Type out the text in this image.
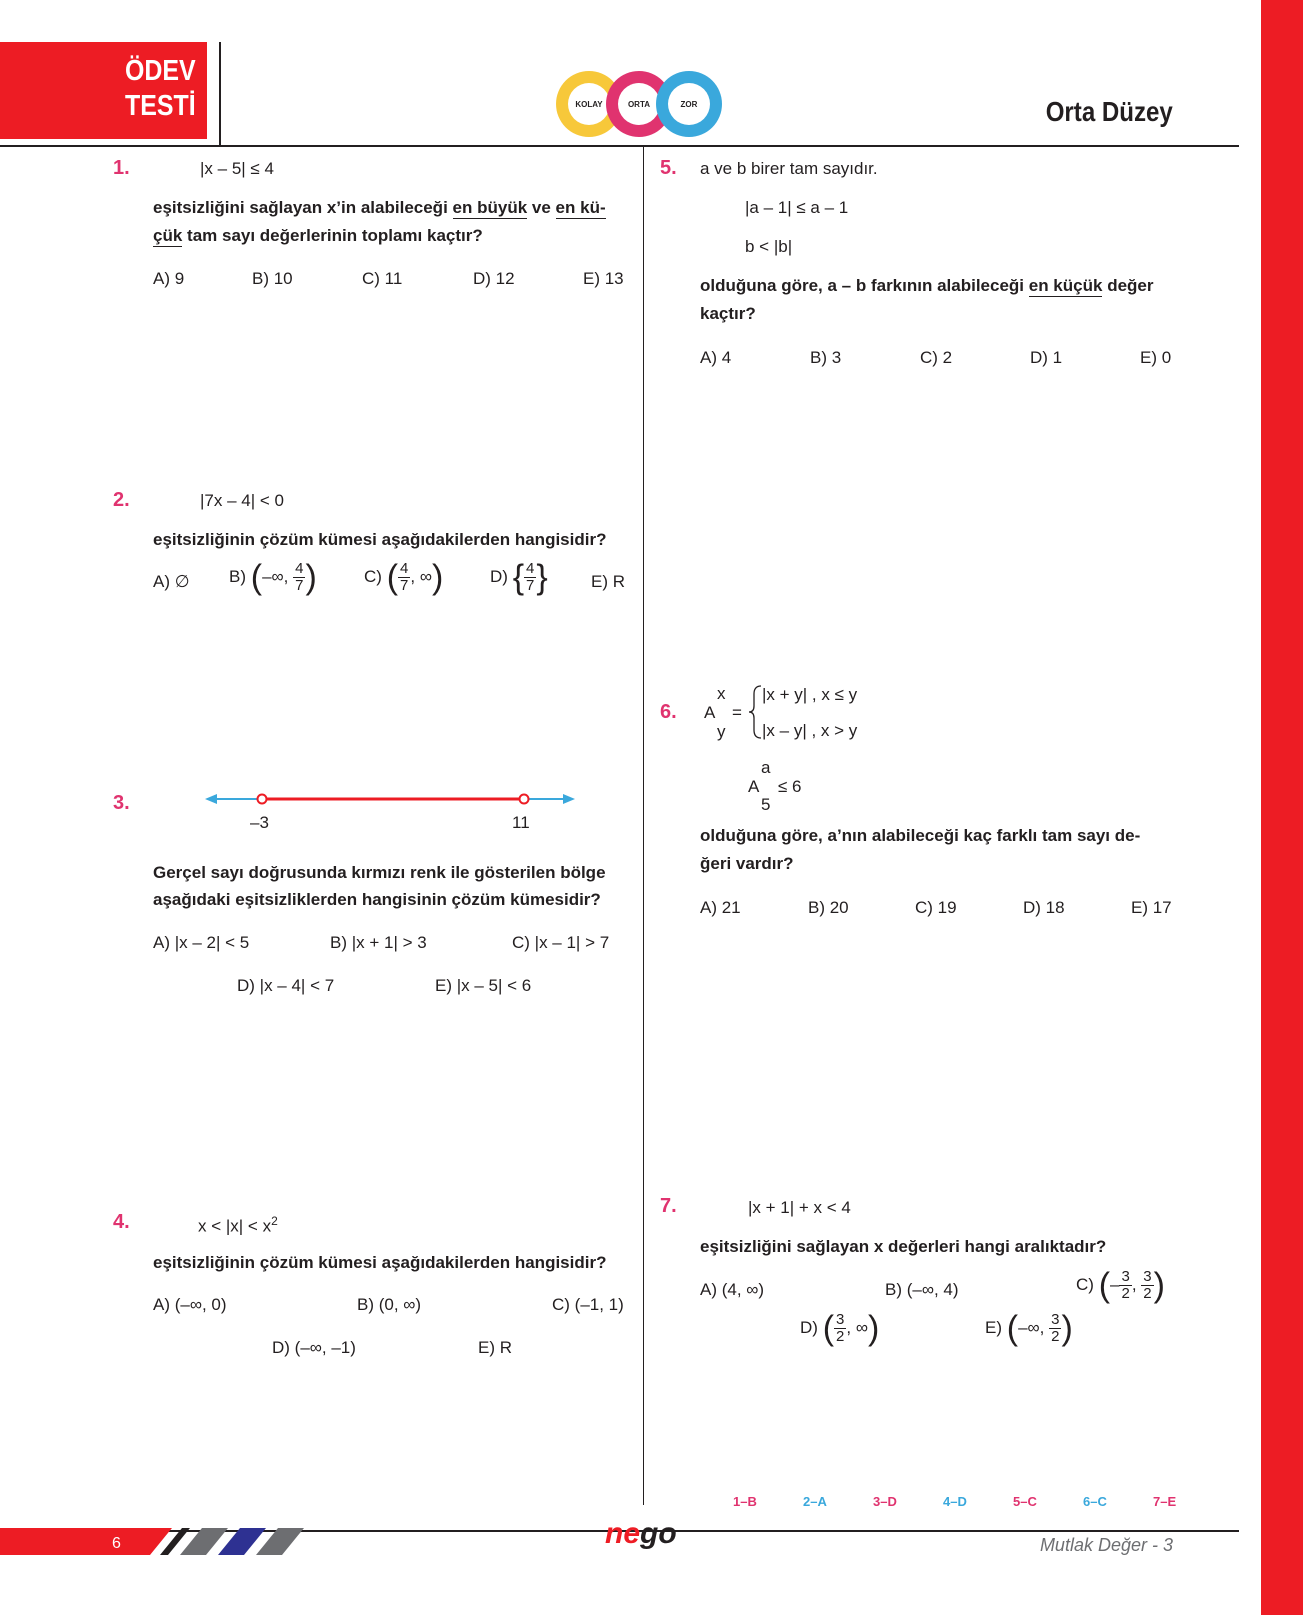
ÖDEV
TESTİ	KOLAY	ORTA	ZOR	Orta Düzey
1.	|x – 5| ≤ 4
eşitsizliğini sağlayan x’in alabileceği en büyük ve en kü-
çük tam sayı değerlerinin toplamı kaçtır?
A) 9	B) 10	C) 11	D) 12	E) 13
2.	|7x – 4| < 0
eşitsizliğinin çözüm kümesi aşağıdakilerden hangisidir?
A) ∅ B) (–∞, $\frac{4}{7}$ )	C) ( $\frac{4}{7}$ , ∞)	D) { $\frac{4}{7}$ }	E) R
3.
–3	11
Gerçel sayı doğrusunda kırmızı renk ile gösterilen bölge
aşağıdaki eşitsizliklerden hangisinin çözüm kümesidir?
A) |x – 2| < 5	B) |x + 1| > 3	C) |x – 1| > 7
D) |x – 4| < 7	E) |x – 5| < 6
4.	$x < |x| < x^2$
eşitsizliğinin çözüm kümesi aşağıdakilerden hangisidir?
A) (–∞, 0)	B) (0, ∞)	C) (–1, 1)
D) (–∞, –1)	E) R
5. a ve b birer tam sayıdır.
|a – 1| ≤ a – 1
b < |b|
olduğuna göre, a – b farkının alabileceği en küçük değer
kaçtır?
A) 4	B) 3	C) 2	D) 1	E) 0
6.
x
A
y
=
|x + y| , x ≤ y
|x – y| , x > y
a
A
5
≤ 6
olduğuna göre, a’nın alabileceği kaç farklı tam sayı de-
ğeri vardır?
A) 21	B) 20	C) 19	D) 18	E) 17
7.	|x + 1| + x < 4
eşitsizliğini sağlayan x değerleri hangi aralıktadır?
A) (4, ∞)	B) (–∞, 4)	C) (– $\frac{3}{2}$ , $\frac{3}{2}$ )
D) ( $\frac{3}{2}$ , ∞)	E) (–∞, $\frac{3}{2}$ )
1–B	2–A	3–D	4–D	5–C	6–C	7–E
6	nego	Mutlak Değer - 3
